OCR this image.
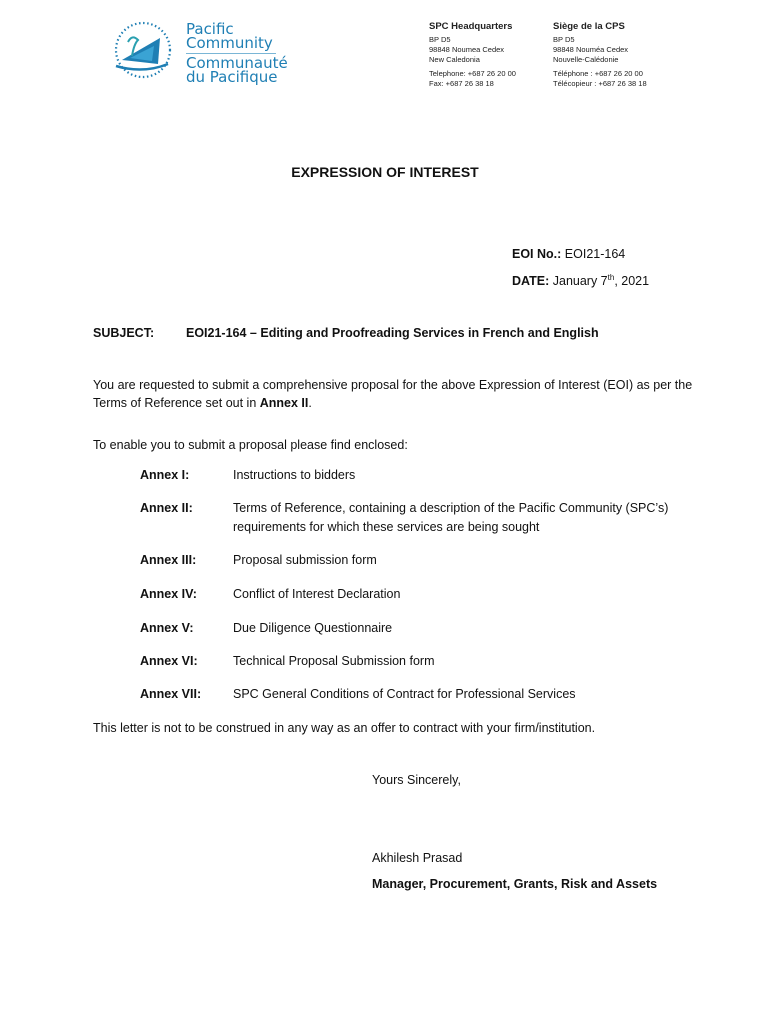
Pacific
Community
Communauté
du Pacifique
SPC Headquarters
BP D5
98848 Noumea Cedex
New Caledonia
Telephone: +687 26 20 00
Fax: +687 26 38 18
Siège de la CPS
BP D5
98848 Nouméa Cedex
Nouvelle-Calédonie
Téléphone : +687 26 20 00
Télécopieur : +687 26 38 18
EXPRESSION OF INTEREST
EOI No.: EOI21-164
DATE: January 7th, 2021
SUBJECT:	EOI21-164 – Editing and Proofreading Services in French and English
You are requested to submit a comprehensive proposal for the above Expression of Interest (EOI) as per the Terms of Reference set out in Annex II.
To enable you to submit a proposal please find enclosed:
Annex I:	Instructions to bidders
Annex II:	Terms of Reference, containing a description of the Pacific Community (SPC’s) requirements for which these services are being sought
Annex III:	Proposal submission form
Annex IV:	Conflict of Interest Declaration
Annex V:	Due Diligence Questionnaire
Annex VI:	Technical Proposal Submission form
Annex VII:	SPC General Conditions of Contract for Professional Services
This letter is not to be construed in any way as an offer to contract with your firm/institution.
Yours Sincerely,
Akhilesh Prasad
Manager, Procurement, Grants, Risk and Assets
